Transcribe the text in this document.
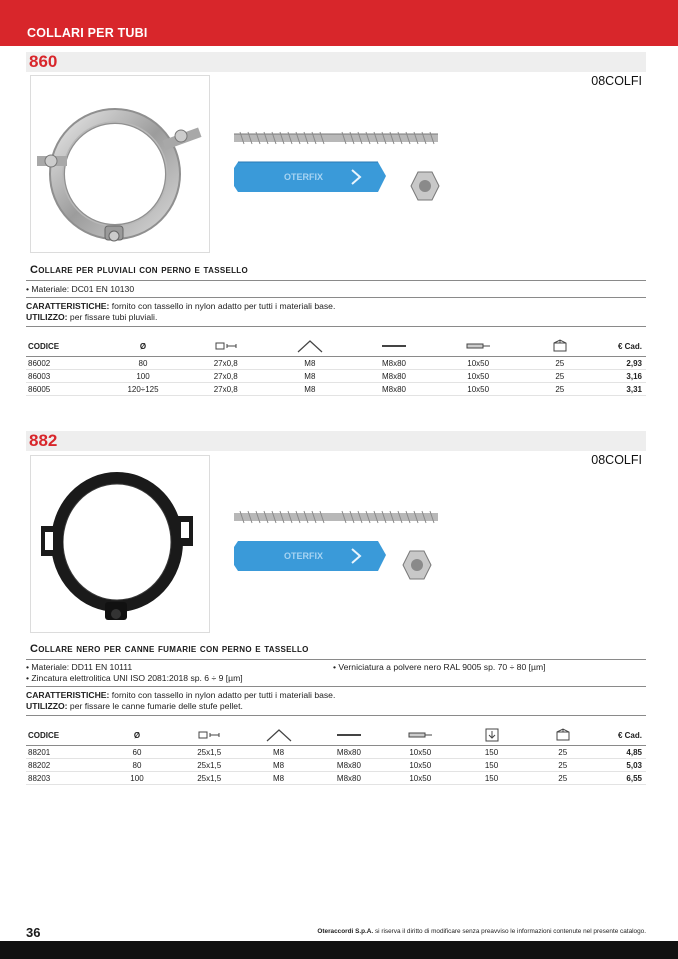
COLLARI PER TUBI
860
08COLFI
OTERFIX
Collare per pluviali con perno e tassello
• Materiale: DC01 EN 10130
CARATTERISTICHE: fornito con tassello in nylon adatto per tutti i materiali base.
UTILIZZO: per fissare tubi pluviali.
CODICE	Ø						€ Cad.
86002	80	27x0,8	M8	M8x80	10x50	25	2,93
86003	100	27x0,8	M8	M8x80	10x50	25	3,16
86005	120÷125	27x0,8	M8	M8x80	10x50	25	3,31
882
08COLFI
OTERFIX
Collare nero per canne fumarie con perno e tassello
• Materiale: DD11 EN 10111
• Zincatura elettrolitica UNI ISO 2081:2018 sp. 6 ÷ 9 [µm]
• Verniciatura a polvere nero RAL 9005 sp. 70 ÷ 80 [µm]
CARATTERISTICHE: fornito con tassello in nylon adatto per tutti i materiali base.
UTILIZZO: per fissare le canne fumarie delle stufe pellet.
CODICE	Ø							€ Cad.
88201	60	25x1,5	M8	M8x80	10x50	150	25	4,85
88202	80	25x1,5	M8	M8x80	10x50	150	25	5,03
88203	100	25x1,5	M8	M8x80	10x50	150	25	6,55
36	Oteraccordi S.p.A. si riserva il diritto di modificare senza preavviso le informazioni contenute nel presente catalogo.
